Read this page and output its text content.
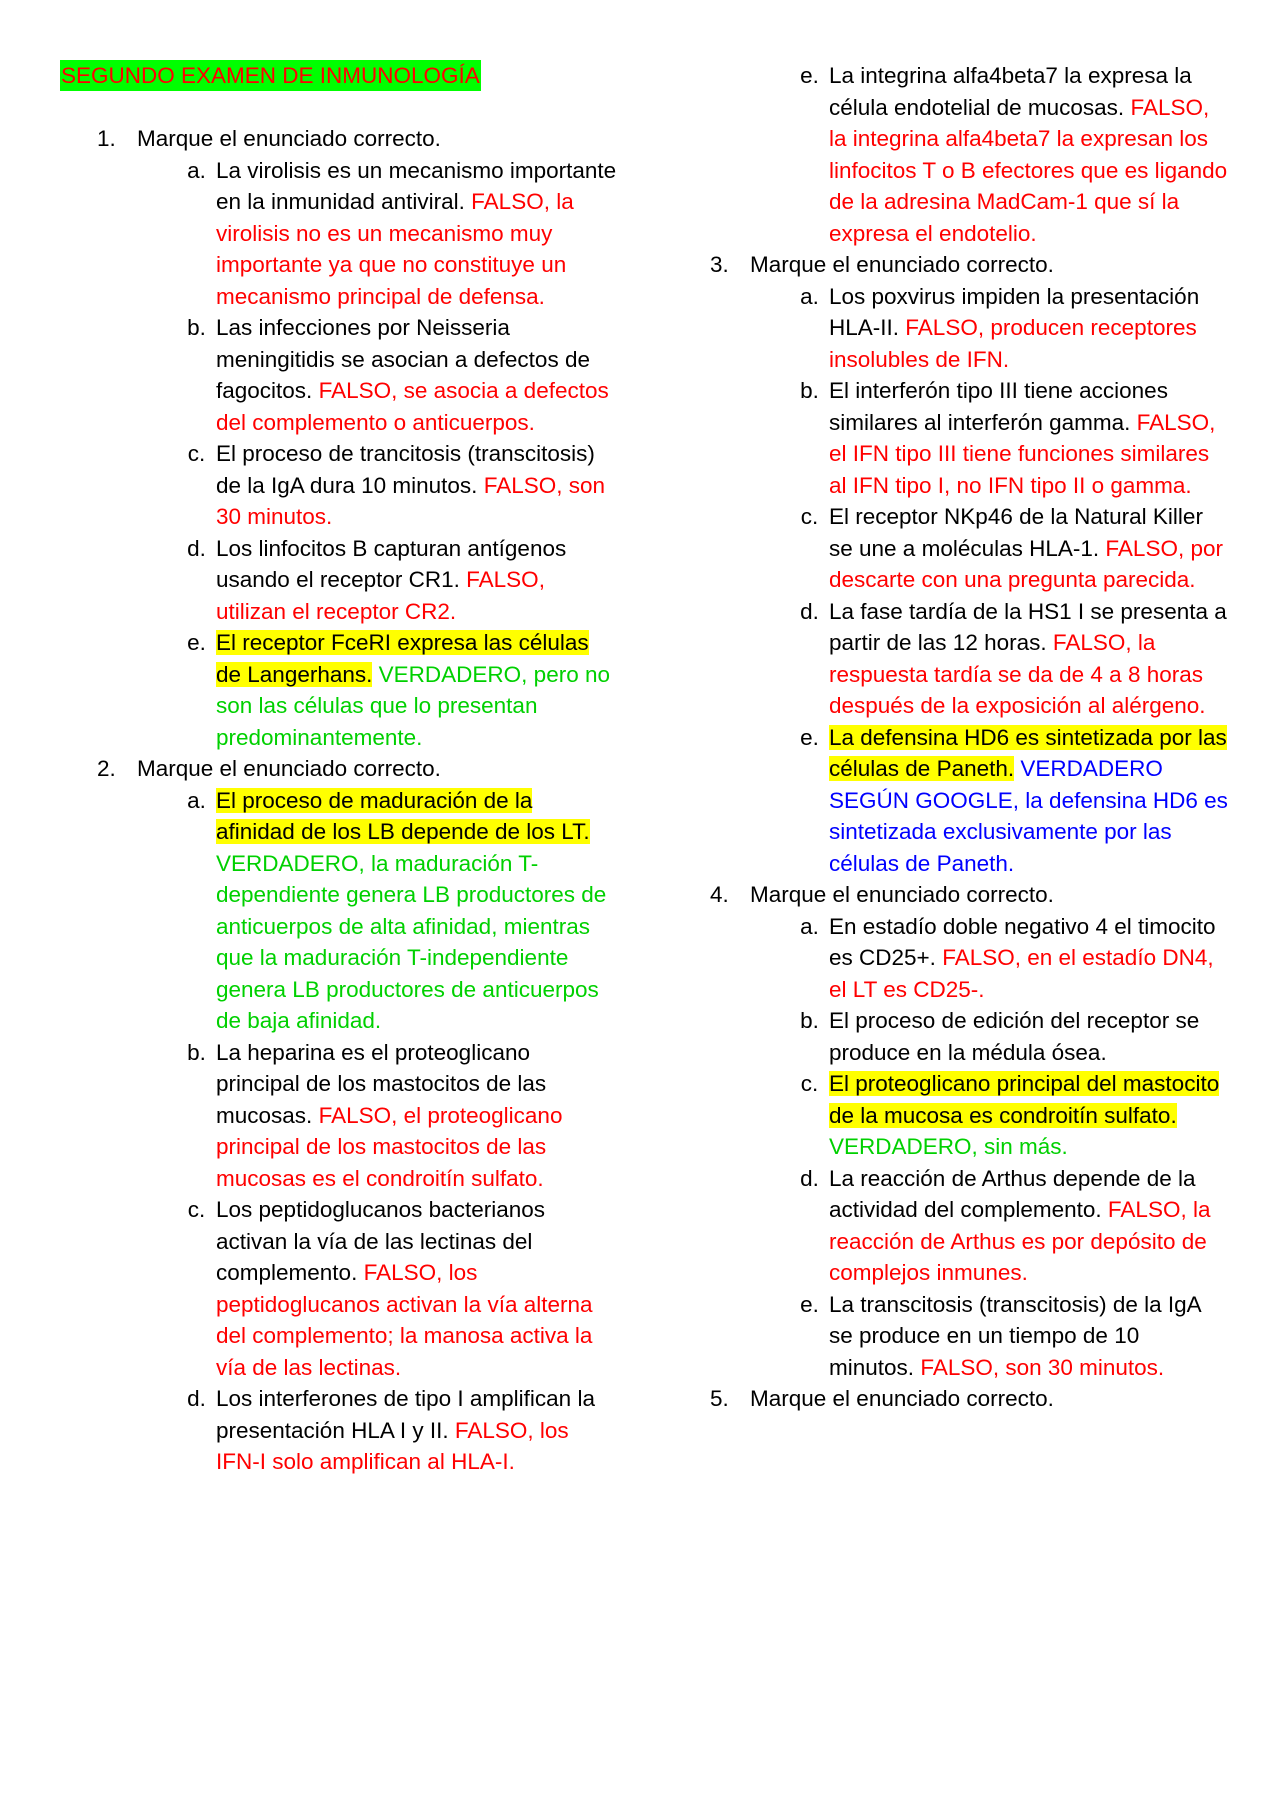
SEGUNDO EXAMEN DE INMUNOLOGÍA
1. Marque el enunciado correcto.
a. La virolisis es un mecanismo importante en la inmunidad antiviral. FALSO, la virolisis no es un mecanismo muy importante ya que no constituye un mecanismo principal de defensa.
b. Las infecciones por Neisseria meningitidis se asocian a defectos de fagocitos. FALSO, se asocia a defectos del complemento o anticuerpos.
c. El proceso de trancitosis (transcitosis) de la IgA dura 10 minutos. FALSO, son 30 minutos.
d. Los linfocitos B capturan antígenos usando el receptor CR1. FALSO, utilizan el receptor CR2.
e. El receptor FceRI expresa las células de Langerhans. VERDADERO, pero no son las células que lo presentan predominantemente.
2. Marque el enunciado correcto.
a. El proceso de maduración de la afinidad de los LB depende de los LT. VERDADERO, la maduración T-dependiente genera LB productores de anticuerpos de alta afinidad, mientras que la maduración T-independiente genera LB productores de anticuerpos de baja afinidad.
b. La heparina es el proteoglicano principal de los mastocitos de las mucosas. FALSO, el proteoglicano principal de los mastocitos de las mucosas es el condroitín sulfato.
c. Los peptidoglucanos bacterianos activan la vía de las lectinas del complemento. FALSO, los peptidoglucanos activan la vía alterna del complemento; la manosa activa la vía de las lectinas.
d. Los interferones de tipo I amplifican la presentación HLA I y II. FALSO, los IFN-I solo amplifican al HLA-I.
e. La integrina alfa4beta7 la expresa la célula endotelial de mucosas. FALSO, la integrina alfa4beta7 la expresan los linfocitos T o B efectores que es ligando de la adresina MadCam-1 que sí la expresa el endotelio.
3. Marque el enunciado correcto.
a. Los poxvirus impiden la presentación HLA-II. FALSO, producen receptores insolubles de IFN.
b. El interferón tipo III tiene acciones similares al interferón gamma. FALSO, el IFN tipo III tiene funciones similares al IFN tipo I, no IFN tipo II o gamma.
c. El receptor NKp46 de la Natural Killer se une a moléculas HLA-1. FALSO, por descarte con una pregunta parecida.
d. La fase tardía de la HS1 I se presenta a partir de las 12 horas. FALSO, la respuesta tardía se da de 4 a 8 horas después de la exposición al alérgeno.
e. La defensina HD6 es sintetizada por las células de Paneth. VERDADERO SEGÚN GOOGLE, la defensina HD6 es sintetizada exclusivamente por las células de Paneth.
4. Marque el enunciado correcto.
a. En estadío doble negativo 4 el timocito es CD25+. FALSO, en el estadío DN4, el LT es CD25-.
b. El proceso de edición del receptor se produce en la médula ósea.
c. El proteoglicano principal del mastocito de la mucosa es condroitín sulfato. VERDADERO, sin más.
d. La reacción de Arthus depende de la actividad del complemento. FALSO, la reacción de Arthus es por depósito de complejos inmunes.
e. La transcitosis (transcitosis) de la IgA se produce en un tiempo de 10 minutos. FALSO, son 30 minutos.
5. Marque el enunciado correcto.
